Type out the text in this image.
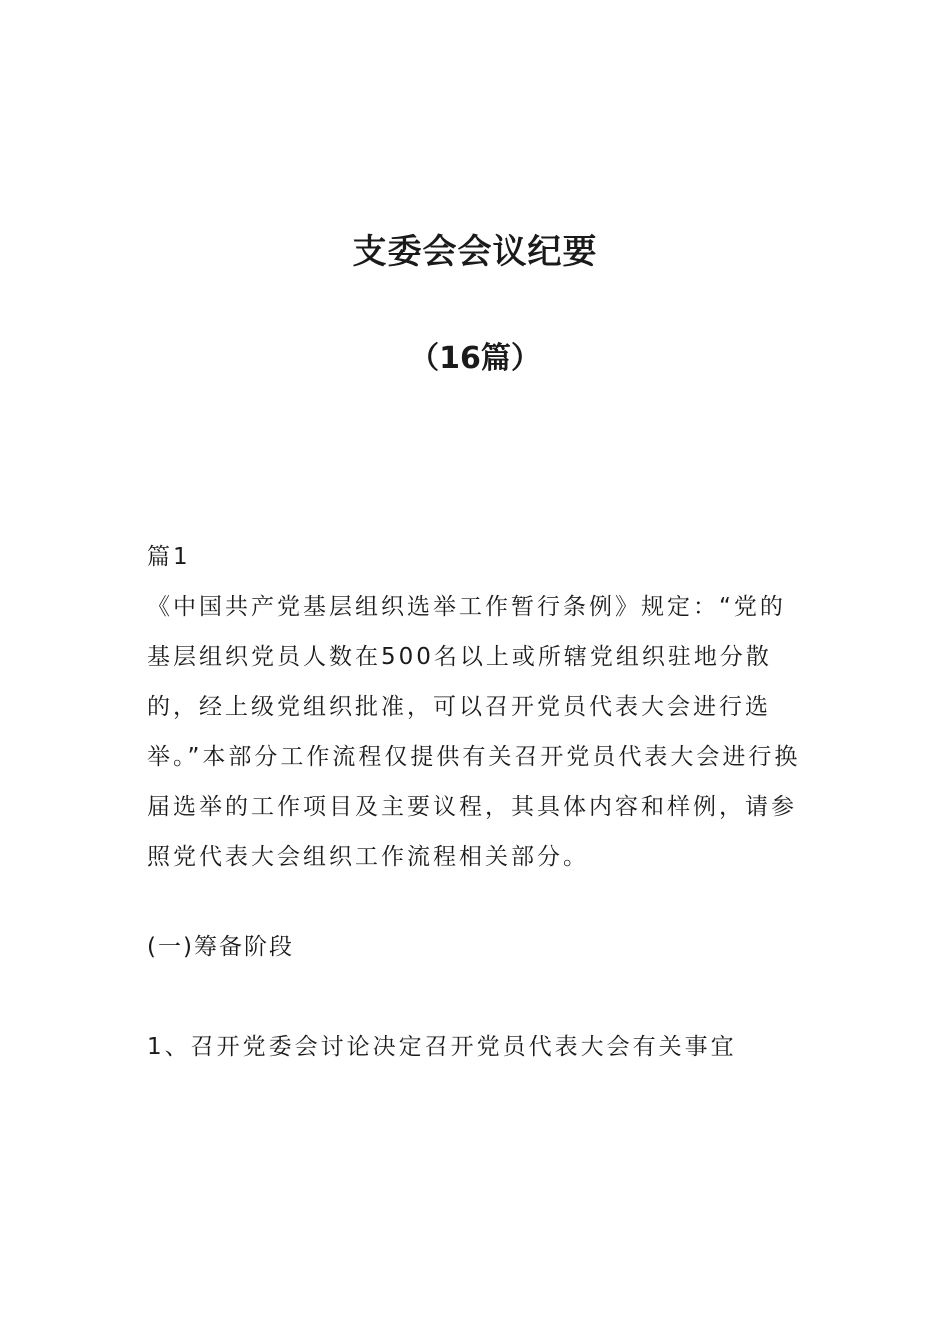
支委会会议纪要
（16篇）

篇1

《中国共产党基层组织选举工作暂行条例》规定：“党的基层组织党员人数在500名以上或所辖党组织驻地分散的，经上级党组织批准，可以召开党员代表大会进行选举。”本部分工作流程仅提供有关召开党员代表大会进行换届选举的工作项目及主要议程，其具体内容和样例，请参照党代表大会组织工作流程相关部分。

(一)筹备阶段

1、召开党委会讨论决定召开党员代表大会有关事宜
